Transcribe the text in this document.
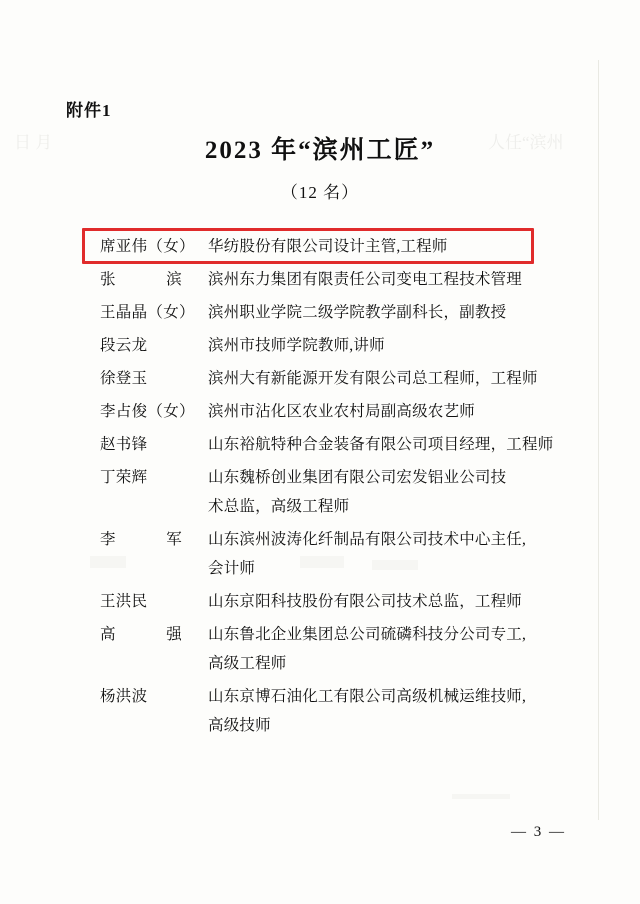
日 月	人任“滨州
附件1
2023 年“滨州工匠”
（12 名）
席亚伟（女） 华纺股份有限公司设计主管,工程师
张	滨 滨州东力集团有限责任公司变电工程技术管理
王晶晶（女） 滨州职业学院二级学院教学副科长，副教授
段云龙	滨州市技师学院教师,讲师
徐登玉	滨州大有新能源开发有限公司总工程师，工程师
李占俊（女） 滨州市沾化区农业农村局副高级农艺师
赵书锋	山东裕航特种合金装备有限公司项目经理，工程师
丁荣辉	山东魏桥创业集团有限公司宏发铝业公司技
术总监，高级工程师
李	军 山东滨州波涛化纤制品有限公司技术中心主任,
会计师
王洪民	山东京阳科技股份有限公司技术总监，工程师
高	强 山东鲁北企业集团总公司硫磷科技分公司专工,
高级工程师
杨洪波	山东京博石油化工有限公司高级机械运维技师,
高级技师
— 3 —
